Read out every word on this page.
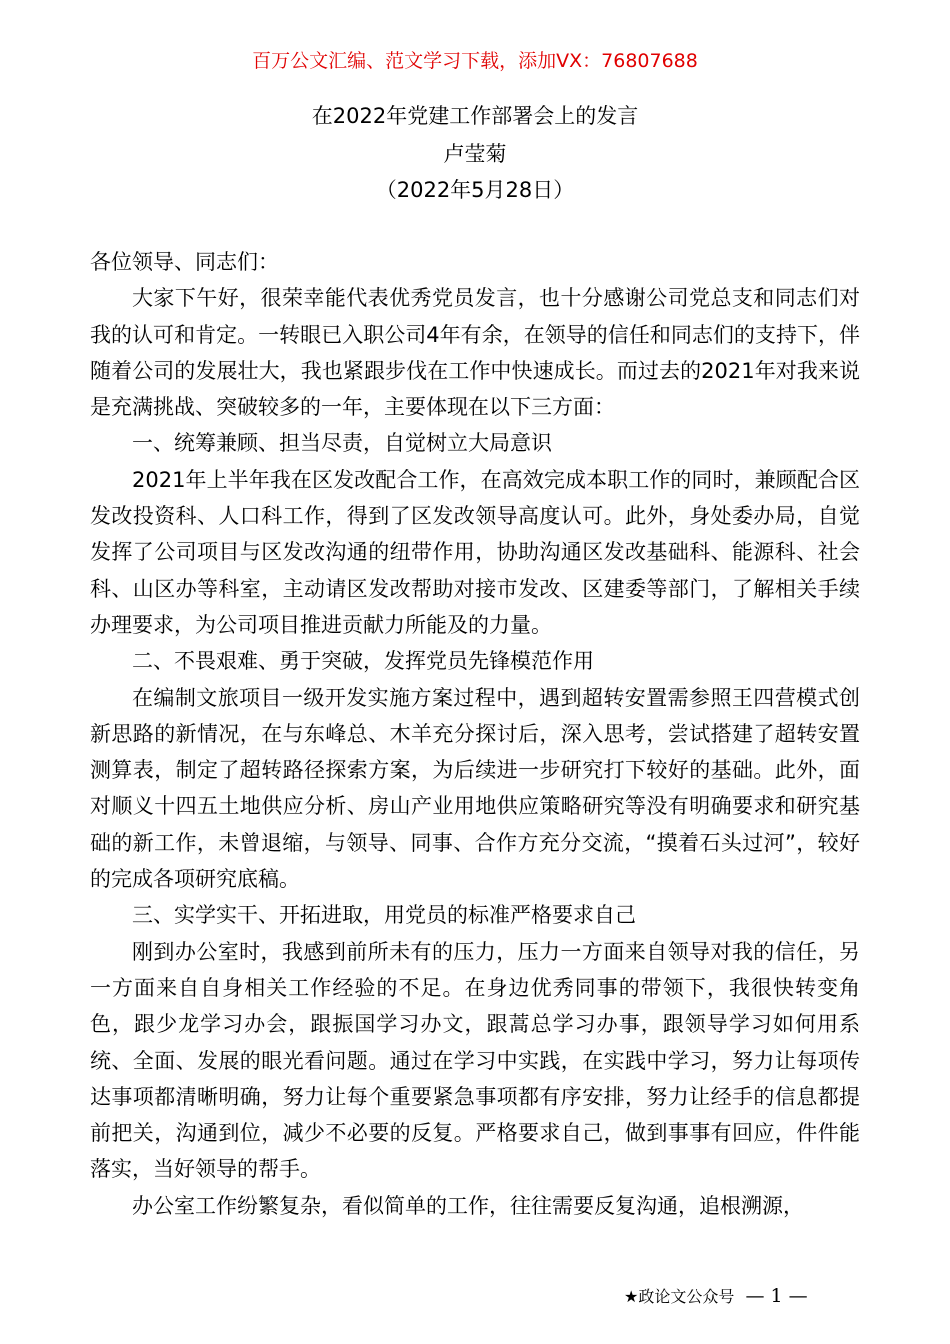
百万公文汇编、范文学习下载，添加VX：76807688
在2022年党建工作部署会上的发言
卢莹菊
（2022年5月28日）

各位领导、同志们：

大家下午好，很荣幸能代表优秀党员发言，也十分感谢公司党总支和同志们对我的认可和肯定。一转眼已入职公司4年有余，在领导的信任和同志们的支持下，伴随着公司的发展壮大，我也紧跟步伐在工作中快速成长。而过去的2021年对我来说是充满挑战、突破较多的一年，主要体现在以下三方面：

一、统筹兼顾、担当尽责，自觉树立大局意识

2021年上半年我在区发改配合工作，在高效完成本职工作的同时，兼顾配合区发改投资科、人口科工作，得到了区发改领导高度认可。此外，身处委办局，自觉发挥了公司项目与区发改沟通的纽带作用，协助沟通区发改基础科、能源科、社会科、山区办等科室，主动请区发改帮助对接市发改、区建委等部门，了解相关手续办理要求，为公司项目推进贡献力所能及的力量。

二、不畏艰难、勇于突破，发挥党员先锋模范作用

在编制文旅项目一级开发实施方案过程中，遇到超转安置需参照王四营模式创新思路的新情况，在与东峰总、木羊充分探讨后，深入思考，尝试搭建了超转安置测算表，制定了超转路径探索方案，为后续进一步研究打下较好的基础。此外，面对顺义十四五土地供应分析、房山产业用地供应策略研究等没有明确要求和研究基础的新工作，未曾退缩，与领导、同事、合作方充分交流，“摸着石头过河”，较好的完成各项研究底稿。

三、实学实干、开拓进取，用党员的标准严格要求自己

刚到办公室时，我感到前所未有的压力，压力一方面来自领导对我的信任，另一方面来自自身相关工作经验的不足。在身边优秀同事的带领下，我很快转变角色，跟少龙学习办会，跟振国学习办文，跟蒿总学习办事，跟领导学习如何用系统、全面、发展的眼光看问题。通过在学习中实践，在实践中学习，努力让每项传达事项都清晰明确，努力让每个重要紧急事项都有序安排，努力让经手的信息都提前把关，沟通到位，减少不必要的反复。严格要求自己，做到事事有回应，件件能落实，当好领导的帮手。

办公室工作纷繁复杂，看似简单的工作，往往需要反复沟通，追根溯源，

★政论文公众号 — 1 —
